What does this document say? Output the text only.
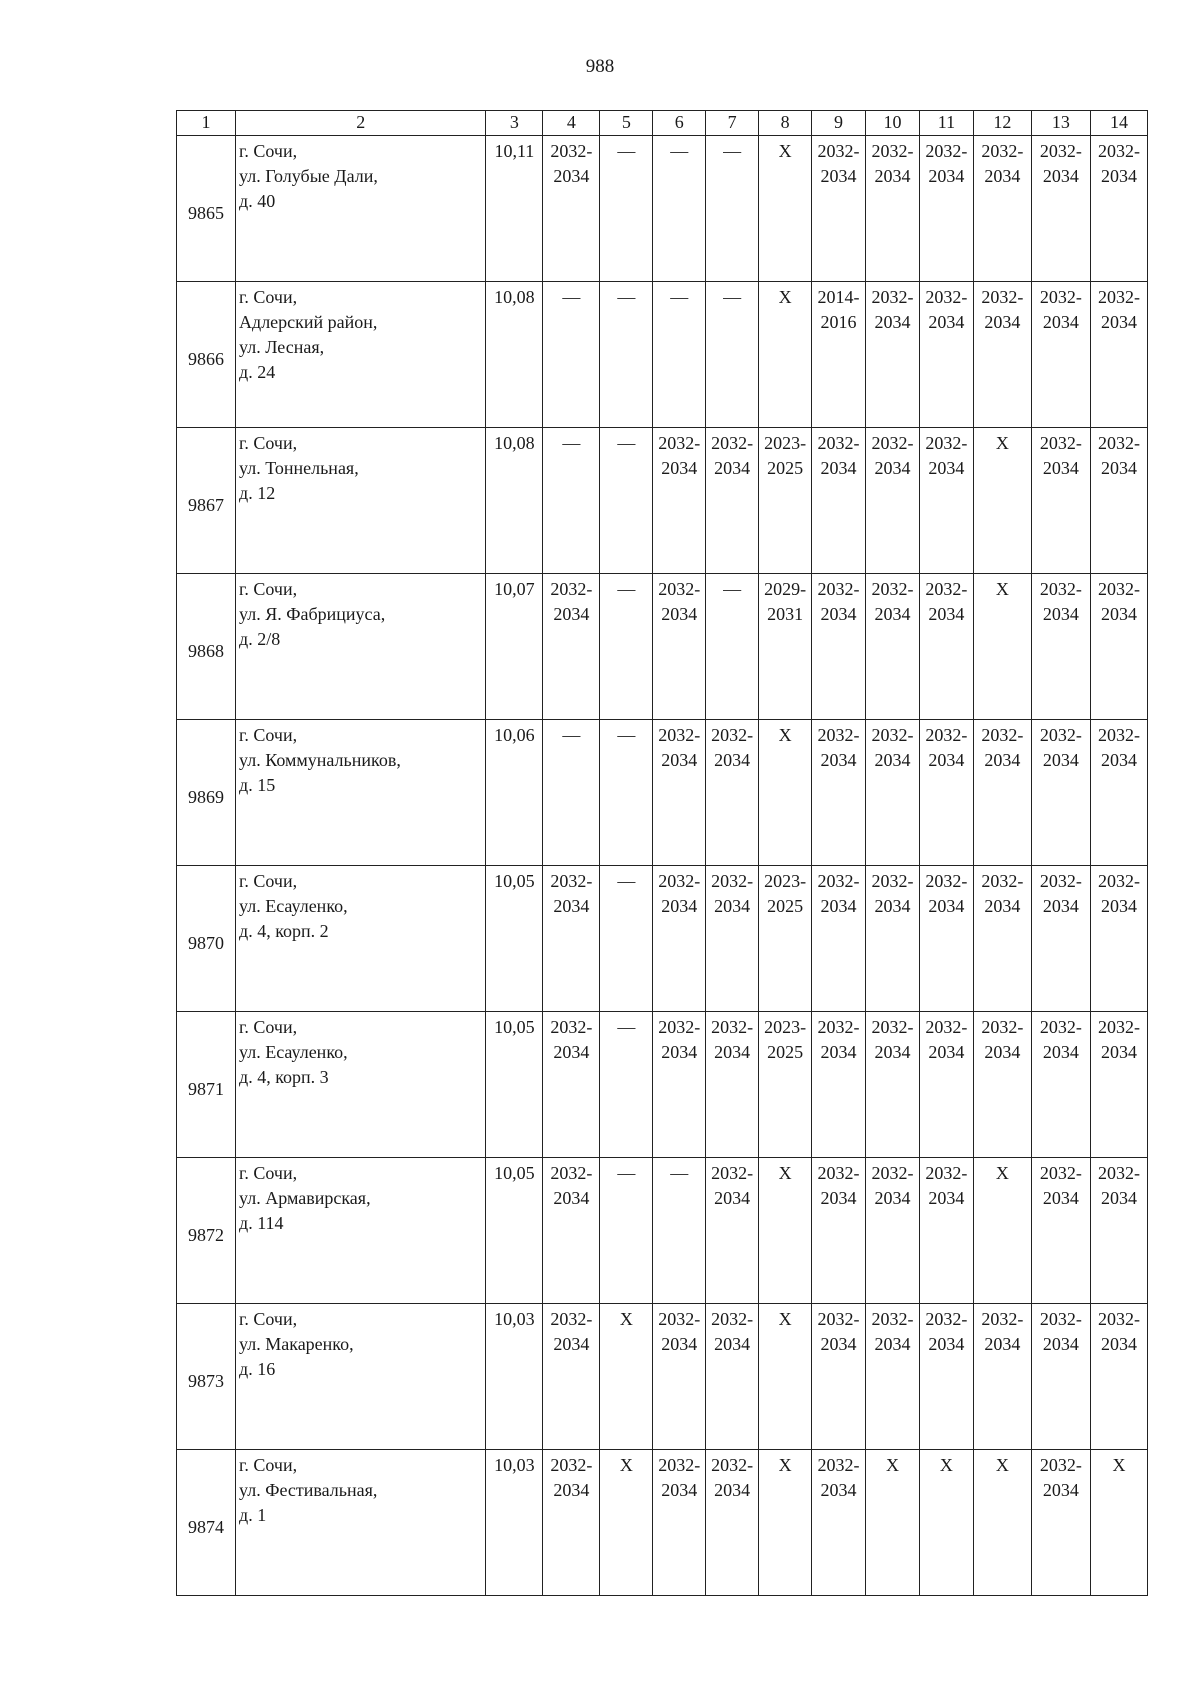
988
1	2	3	4	5	6	7	8	9	10	11	12	13	14
9865	г. Сочи,
ул. Голубые Дали,
д. 40	10,11	2032-
2034	—	—	—	X	2032-
2034	2032-
2034	2032-
2034	2032-
2034	2032-
2034	2032-
2034

9866	г. Сочи,
Адлерский район,
ул. Лесная,
д. 24	10,08	—	—	—	—	X	2014-
2016	2032-
2034	2032-
2034	2032-
2034	2032-
2034	2032-
2034

9867	г. Сочи,
ул. Тоннельная,
д. 12	10,08	—	—	2032-
2034	2032-
2034	2023-
2025	2032-
2034	2032-
2034	2032-
2034	X	2032-
2034	2032-
2034

9868	г. Сочи,
ул. Я. Фабрициуса,
д. 2/8	10,07	2032-
2034	—	2032-
2034	—	2029-
2031	2032-
2034	2032-
2034	2032-
2034	X	2032-
2034	2032-
2034

9869	г. Сочи,
ул. Коммунальников,
д. 15	10,06	—	—	2032-
2034	2032-
2034	X	2032-
2034	2032-
2034	2032-
2034	2032-
2034	2032-
2034	2032-
2034

9870	г. Сочи,
ул. Есауленко,
д. 4, корп. 2	10,05	2032-
2034	—	2032-
2034	2032-
2034	2023-
2025	2032-
2034	2032-
2034	2032-
2034	2032-
2034	2032-
2034	2032-
2034

9871	г. Сочи,
ул. Есауленко,
д. 4, корп. 3	10,05	2032-
2034	—	2032-
2034	2032-
2034	2023-
2025	2032-
2034	2032-
2034	2032-
2034	2032-
2034	2032-
2034	2032-
2034

9872	г. Сочи,
ул. Армавирская,
д. 114	10,05	2032-
2034	—	—	2032-
2034	X	2032-
2034	2032-
2034	2032-
2034	X	2032-
2034	2032-
2034

9873	г. Сочи,
ул. Макаренко,
д. 16	10,03	2032-
2034	X	2032-
2034	2032-
2034	X	2032-
2034	2032-
2034	2032-
2034	2032-
2034	2032-
2034	2032-
2034

9874	г. Сочи,
ул. Фестивальная,
д. 1	10,03	2032-
2034	X	2032-
2034	2032-
2034	X	2032-
2034	X	X	X	2032-
2034	X
